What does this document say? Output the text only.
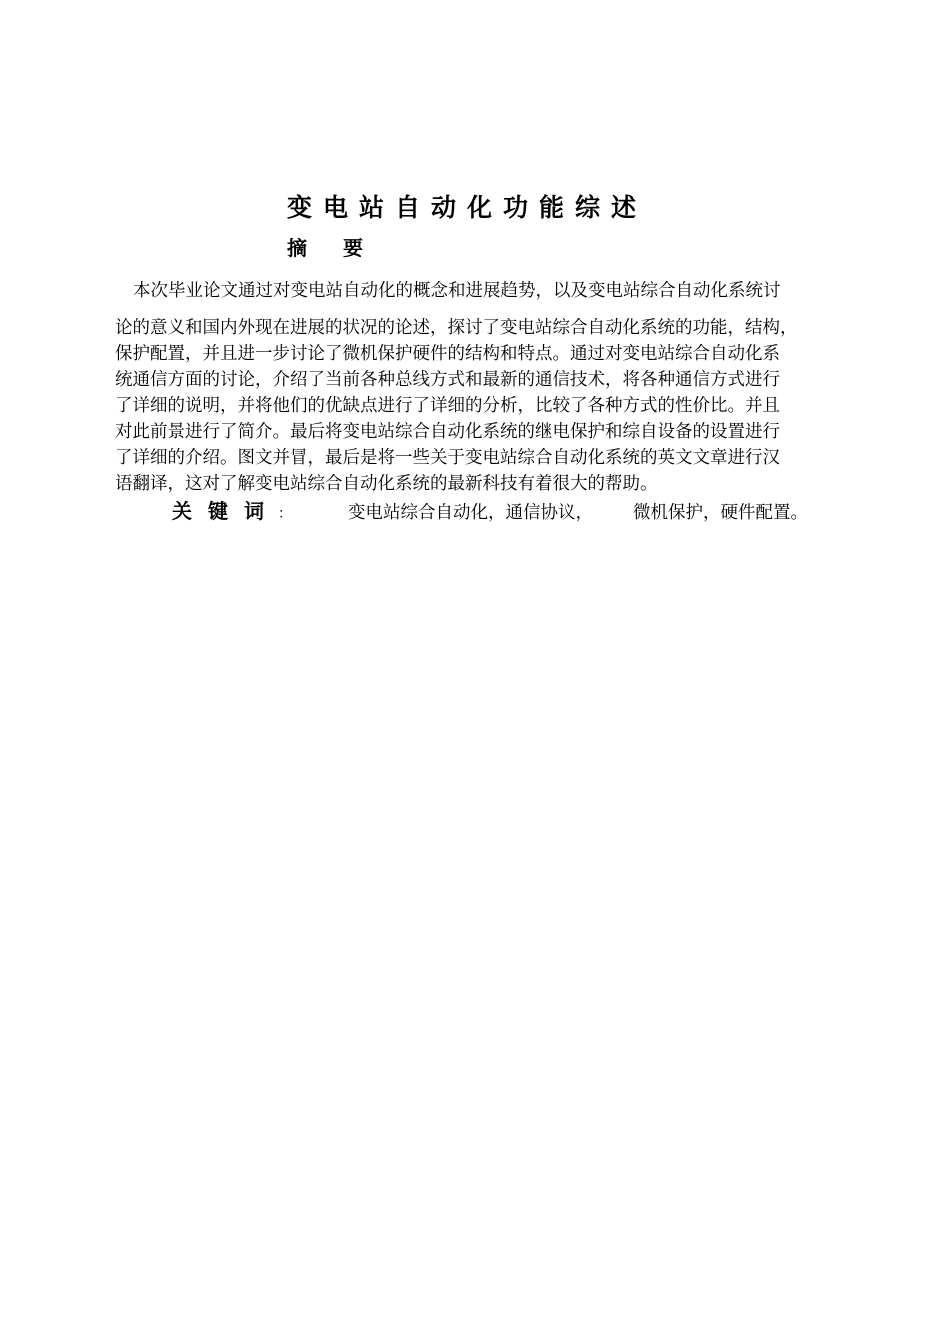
变电站自动化功能综述
摘 要
本次毕业论文通过对变电站自动化的概念和进展趋势，以及变电站综合自动化系统讨
论的意义和国内外现在进展的状况的论述，探讨了变电站综合自动化系统的功能，结构，
保护配置，并且进一步讨论了微机保护硬件的结构和特点。通过对变电站综合自动化系
统通信方面的讨论，介绍了当前各种总线方式和最新的通信技术，将各种通信方式进行
了详细的说明，并将他们的优缺点进行了详细的分析，比较了各种方式的性价比。并且
对此前景进行了简介。最后将变电站综合自动化系统的继电保护和综自设备的设置进行
了详细的介绍。图文并冒，最后是将一些关于变电站综合自动化系统的英文文章进行汉
语翻译，这对了解变电站综合自动化系统的最新科技有着很大的帮助。
关键词：	变电站综合自动化，通信协议， 微机保护，硬件配置。
